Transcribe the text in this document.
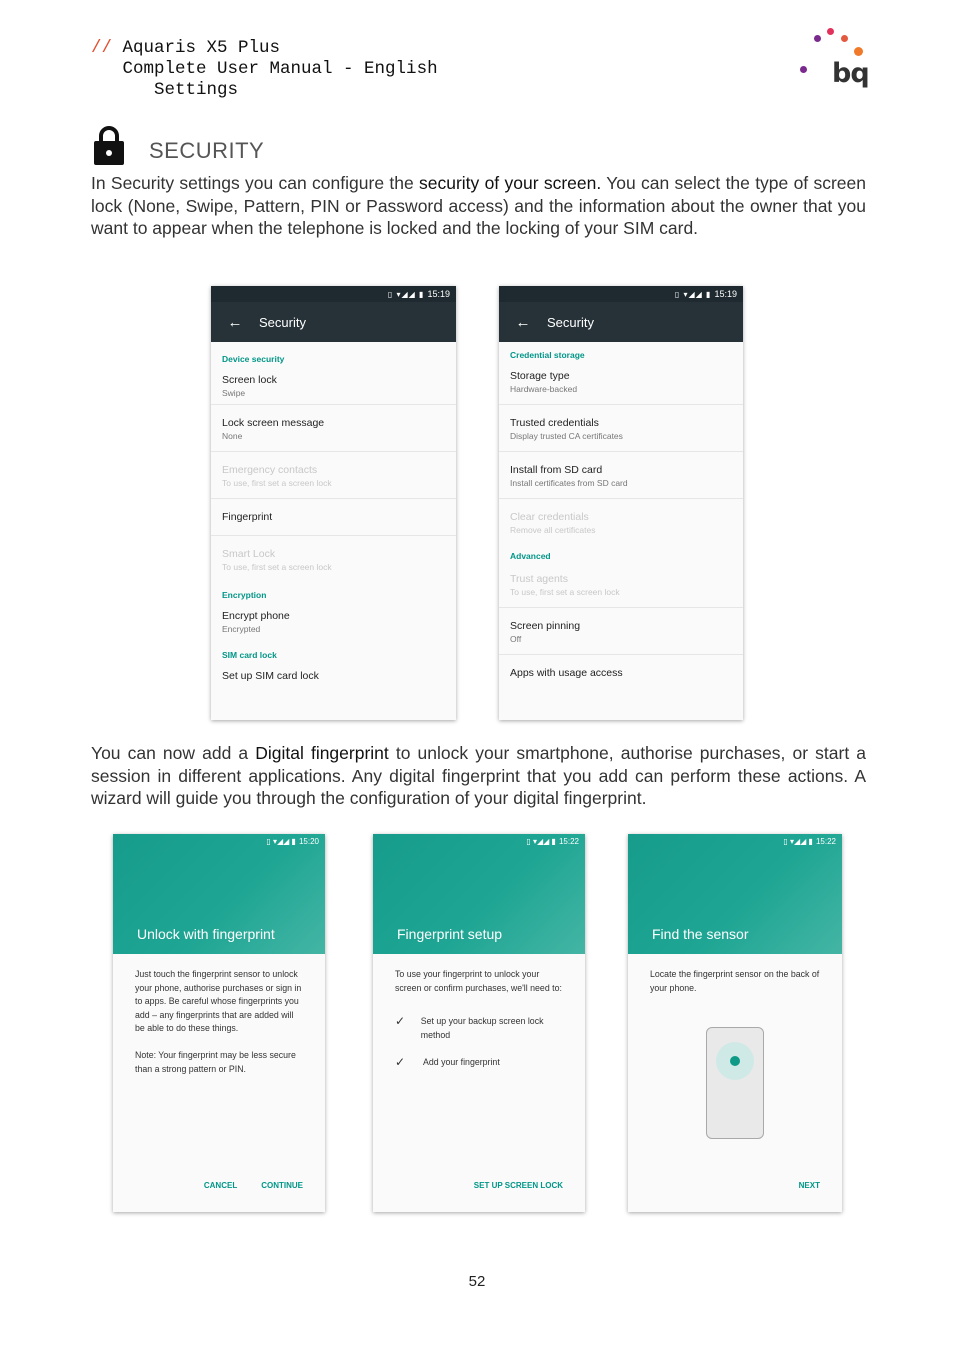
// Aquaris X5 Plus
Complete User Manual - English
Settings
bq
SECURITY
In Security settings you can configure the security of your screen. You can select the type of screen lock (None, Swipe, Pattern, PIN or Password access) and the information about the owner that you want to appear when the telephone is locked and the locking of your SIM card.
▯ ▾◢◢ ▮ 15:19
←	Security
Device security
Screen lock
Swipe
Lock screen message
None
Emergency contacts
To use, first set a screen lock
Fingerprint
Smart Lock
To use, first set a screen lock
Encryption
Encrypt phone
Encrypted
SIM card lock
Set up SIM card lock
▯ ▾◢◢ ▮ 15:19
←	Security
Credential storage
Storage type
Hardware-backed
Trusted credentials
Display trusted CA certificates
Install from SD card
Install certificates from SD card
Clear credentials
Remove all certificates
Advanced
Trust agents
To use, first set a screen lock
Screen pinning
Off
Apps with usage access
You can now add a Digital fingerprint to unlock your smartphone, authorise purchases, or start a session in different applications. Any digital fingerprint that you add can perform these actions. A wizard will guide you through the configuration of your digital fingerprint.
▯ ▾◢◢ ▮ 15:20
Unlock with fingerprint
Just touch the fingerprint sensor to unlock your phone, authorise purchases or sign in to apps. Be careful whose fingerprints you add – any fingerprints that are added will be able to do these things.
Note: Your fingerprint may be less secure than a strong pattern or PIN.
CANCEL	CONTINUE
▯ ▾◢◢ ▮ 15:22
Fingerprint setup
To use your fingerprint to unlock your screen or confirm purchases, we'll need to:
✓	Set up your backup screen lock method
✓	Add your fingerprint
SET UP SCREEN LOCK
▯ ▾◢◢ ▮ 15:22
Find the sensor
Locate the fingerprint sensor on the back of your phone.
NEXT
52
